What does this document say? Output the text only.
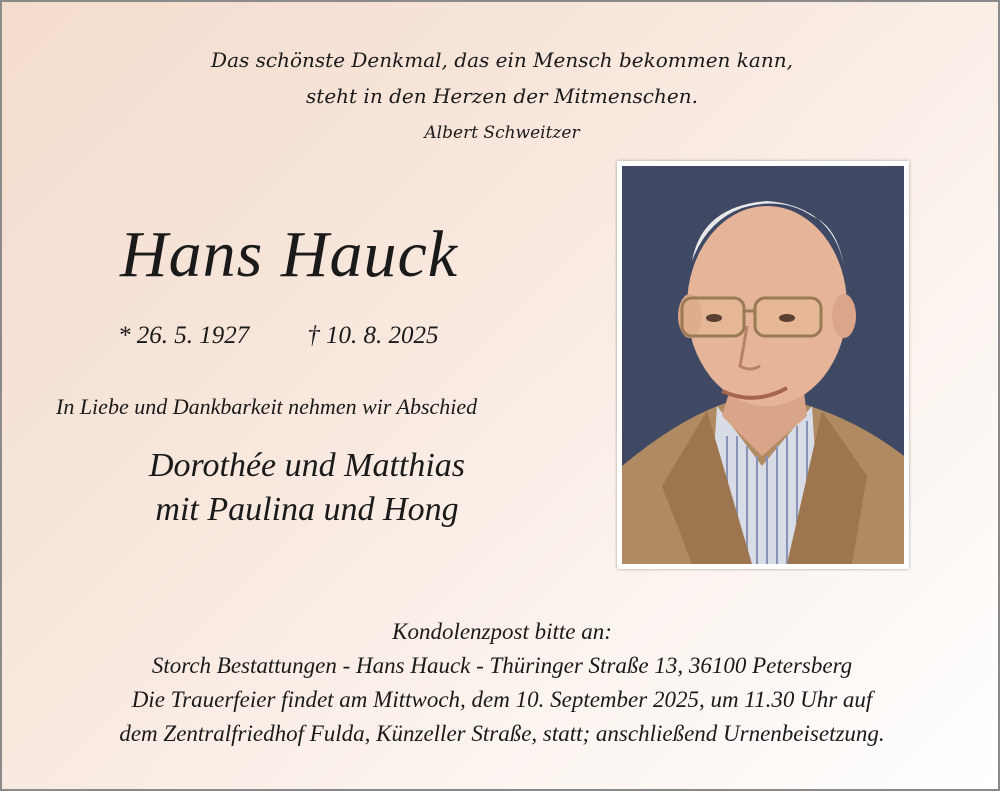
Das schönste Denkmal, das ein Mensch bekommen kann,
steht in den Herzen der Mitmenschen.
Albert Schweitzer
Hans Hauck
* 26. 5. 1927 † 10. 8. 2025
In Liebe und Dankbarkeit nehmen wir Abschied
Dorothée und Matthias
mit Paulina und Hong
Kondolenzpost bitte an:
Storch Bestattungen - Hans Hauck - Thüringer Straße 13, 36100 Petersberg
Die Trauerfeier findet am Mittwoch, dem 10. September 2025, um 11.30 Uhr auf
dem Zentralfriedhof Fulda, Künzeller Straße, statt; anschließend Urnenbeisetzung.
